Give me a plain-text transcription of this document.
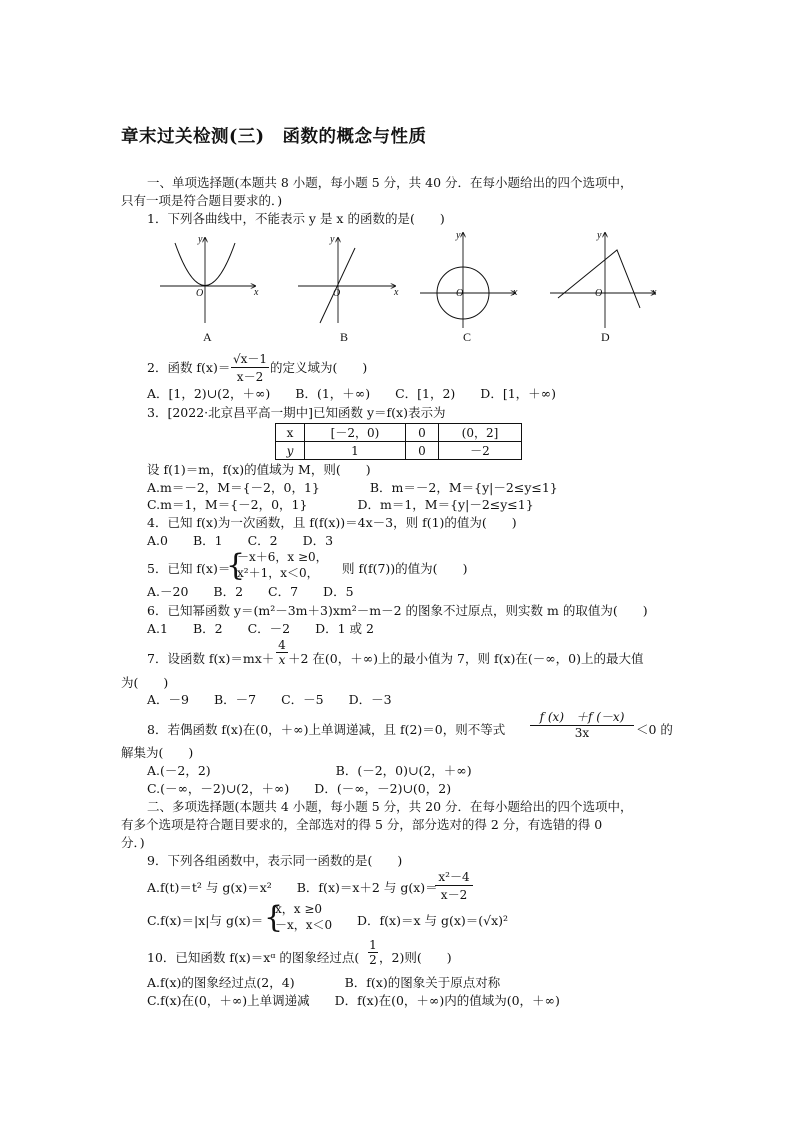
章末过关检测(三)　函数的概念与性质
一、单项选择题(本题共 8 小题，每小题 5 分，共 40 分．在每小题给出的四个选项中，
只有一项是符合题目要求的．)
1．下列各曲线中，不能表示 y 是 x 的函数的是(　　)
y
x
O
y
x
O
y
x
O
y
x
O
A	B	C	D
2．函数 $f(x)= \frac{√x-1}{x-2}$ 的定义域为(　　)
A．[1，2)∪(2，＋∞)　　B．(1，＋∞)　　C．[1，2)　　D．[1，＋∞)
3．[2022·北京昌平高一期中]已知函数 y＝f(x)表示为
x	[－2，0)	0	(0，2]
y	1	0	－2
设 f(1)＝m，f(x)的值域为 M，则(　　)
A.m＝－2，M＝{－2，0，1}　　　　B．m＝－2，M＝{y|－2≤y≤1}
C.m＝1，M＝{－2，0，1}　　　　D．m＝1，M＝{y|－2≤y≤1}
4．已知 f(x)为一次函数，且 f(f(x))＝4x－3，则 f(1)的值为(　　)
A.0　　B．1　　C．2　　D．3
5．已知 f(x)＝
{
－x＋6，x ≥0，
x²＋1，x＜0， 则 f(f(7))的值为(　　)
A.－20　　B．2　　C．7　　D．5
6．已知幂函数 y＝(m²－3m＋3)xm²－m－2 的图象不过原点，则实数 m 的取值为(　　)
A.1　　B．2　　C．－2　　D．1 或 2
7．设函数 $f(x)=mx+ \frac{4}{x} +2$ 在(0，＋∞)上的最小值为 7，则 f(x)在(－∞，0)上的最大值
为(　　)
A．－9　　B．－7　　C．－5　　D．－3
8．若偶函数 f(x)在(0，＋∞)上单调递减，且 f(2)＝0，则不等式 $\frac{f (x) +f (-x)}{3x} <0$ 的
解集为(　　)
A.(－2，2)　　　　　　　　　　B．(－2，0)∪(2，＋∞)
C.(－∞，－2)∪(2，＋∞)　　D．(－∞，－2)∪(0，2)
二、多项选择题(本题共 4 小题，每小题 5 分，共 20 分．在每小题给出的四个选项中，
有多个选项是符合题目要求的，全部选对的得 5 分，部分选对的得 2 分，有选错的得 0
分．)
9．下列各组函数中，表示同一函数的是(　　)
A.f(t)＝t² 与 g(x)＝x²　　B．f(x)＝x＋2 与 g(x)＝
$\frac{\text{x²－4}}{x-2}$
C.f(x)＝|x|与 g(x)＝ {
x，x ≥0
－x，x＜0 D．f(x)＝x 与 g(x)＝(√x)²
10．已知函数 f(x)＝xᵅ 的图象经过点( $\frac{1}{2}$ ，2)则(　　)
A.f(x)的图象经过点(2，4)　　　　B．f(x)的图象关于原点对称
C.f(x)在(0，＋∞)上单调递减　　D．f(x)在(0，＋∞)内的值域为(0，＋∞)
